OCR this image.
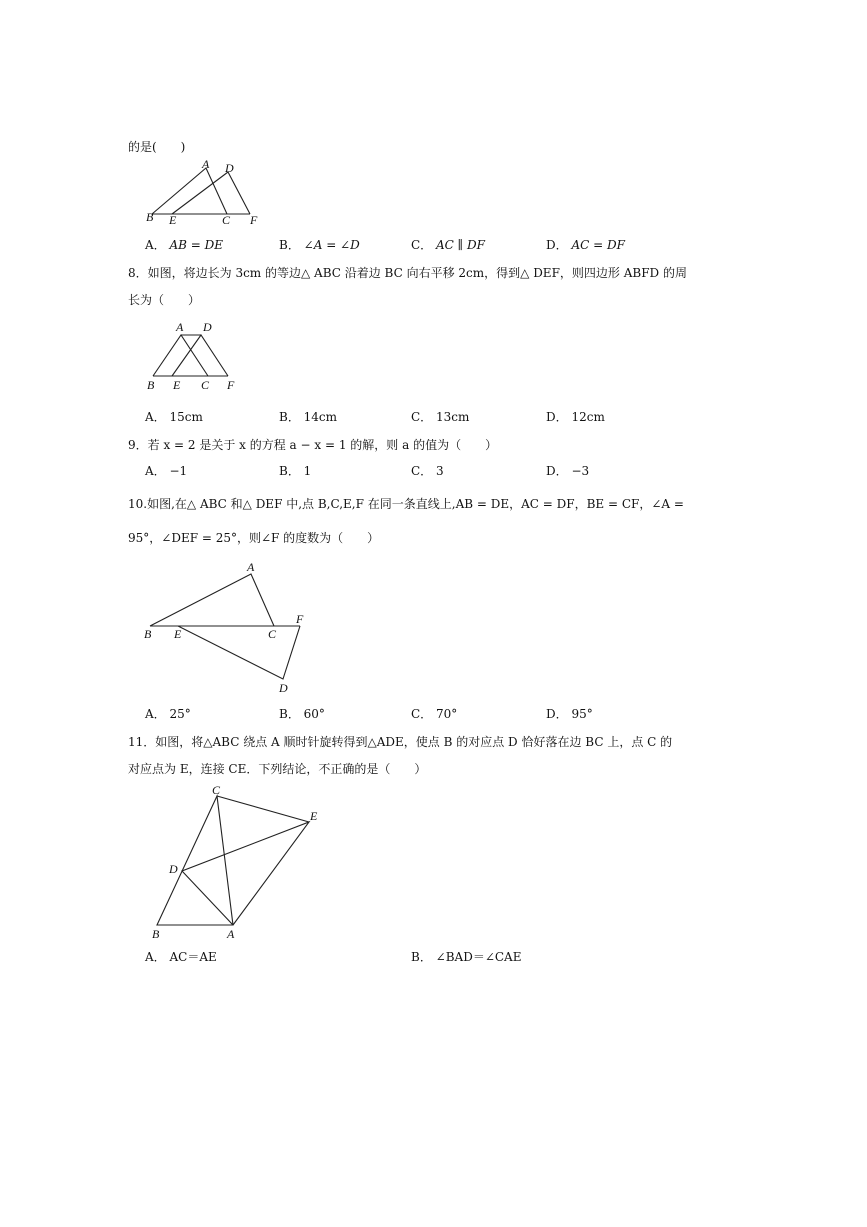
的是(　　)
A D
B E	C F
A． AB = DE	B． ∠A = ∠D	C． AC ∥ DF	D． AC = DF
8．如图，将边长为 3cm 的等边△ ABC 沿着边 BC 向右平移 2cm，得到△ DEF，则四边形 ABFD 的周
长为（　　）
A D
B E C F
A． 15cm	B． 14cm	C． 13cm	D． 12cm
9．若 x = 2 是关于 x 的方程 a − x = 1 的解，则 a 的值为（　　）
A． −1	B． 1	C． 3	D． −3
10.如图,在△ ABC 和△ DEF 中,点 B,C,E,F 在同一条直线上,AB = DE，AC = DF，BE = CF，∠A =
95°，∠DEF = 25°，则∠F 的度数为（　　）
A
F
B E	C
D
A． 25°	B． 60°	C． 70°	D． 95°
11．如图，将△ABC 绕点 A 顺时针旋转得到△ADE，使点 B 的对应点 D 恰好落在边 BC 上，点 C 的
对应点为 E，连接 CE．下列结论，不正确的是（　　）
C
E
D
B	A
A． AC＝AE	B． ∠BAD＝∠CAE
